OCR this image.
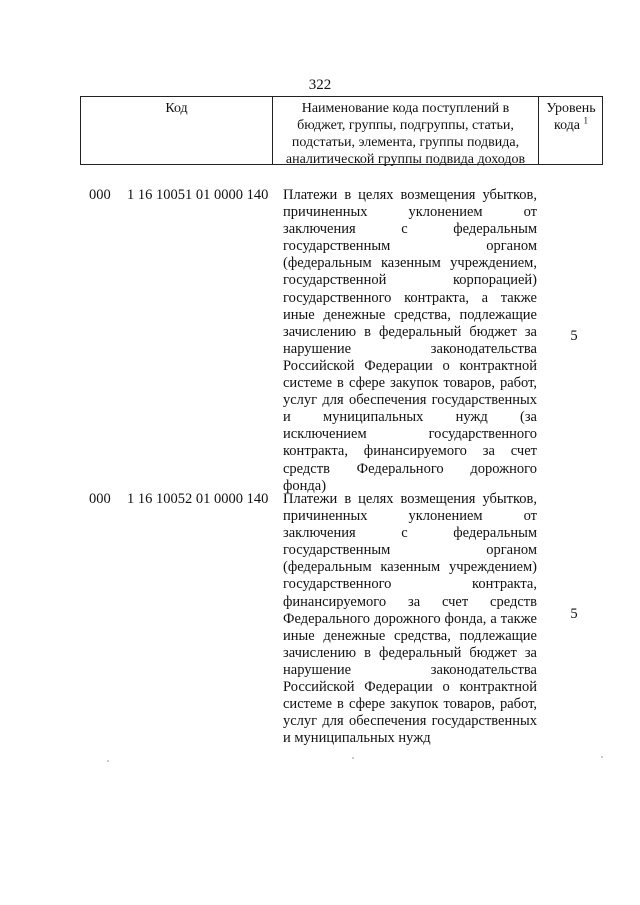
322
Код	Наименование кода поступлений в
бюджет, группы, подгруппы, статьи,
подстатьи, элемента, группы подвида,
аналитической группы подвида доходов
Уровень
кода $^1$
000 1 16 10051 01 0000 140 Платежи в целях возмещения убытков,
причиненных уклонением от
заключения с федеральным
государственным органом
(федеральным казенным учреждением,
государственной корпорацией)
государственного контракта, а также
иные денежные средства, подлежащие
зачислению в федеральный бюджет за
нарушение законодательства
Российской Федерации о контрактной
системе в сфере закупок товаров, работ,
услуг для обеспечения государственных
и муниципальных нужд (за
исключением государственного
контракта, финансируемого за счет
средств Федерального дорожного
фонда)
5
000 1 16 10052 01 0000 140 Платежи в целях возмещения убытков,
причиненных уклонением от
заключения с федеральным
государственным органом
(федеральным казенным учреждением)
государственного контракта,
финансируемого за счет средств
Федерального дорожного фонда, а также
иные денежные средства, подлежащие
зачислению в федеральный бюджет за
нарушение законодательства
Российской Федерации о контрактной
системе в сфере закупок товаров, работ,
услуг для обеспечения государственных
и муниципальных нужд
5
